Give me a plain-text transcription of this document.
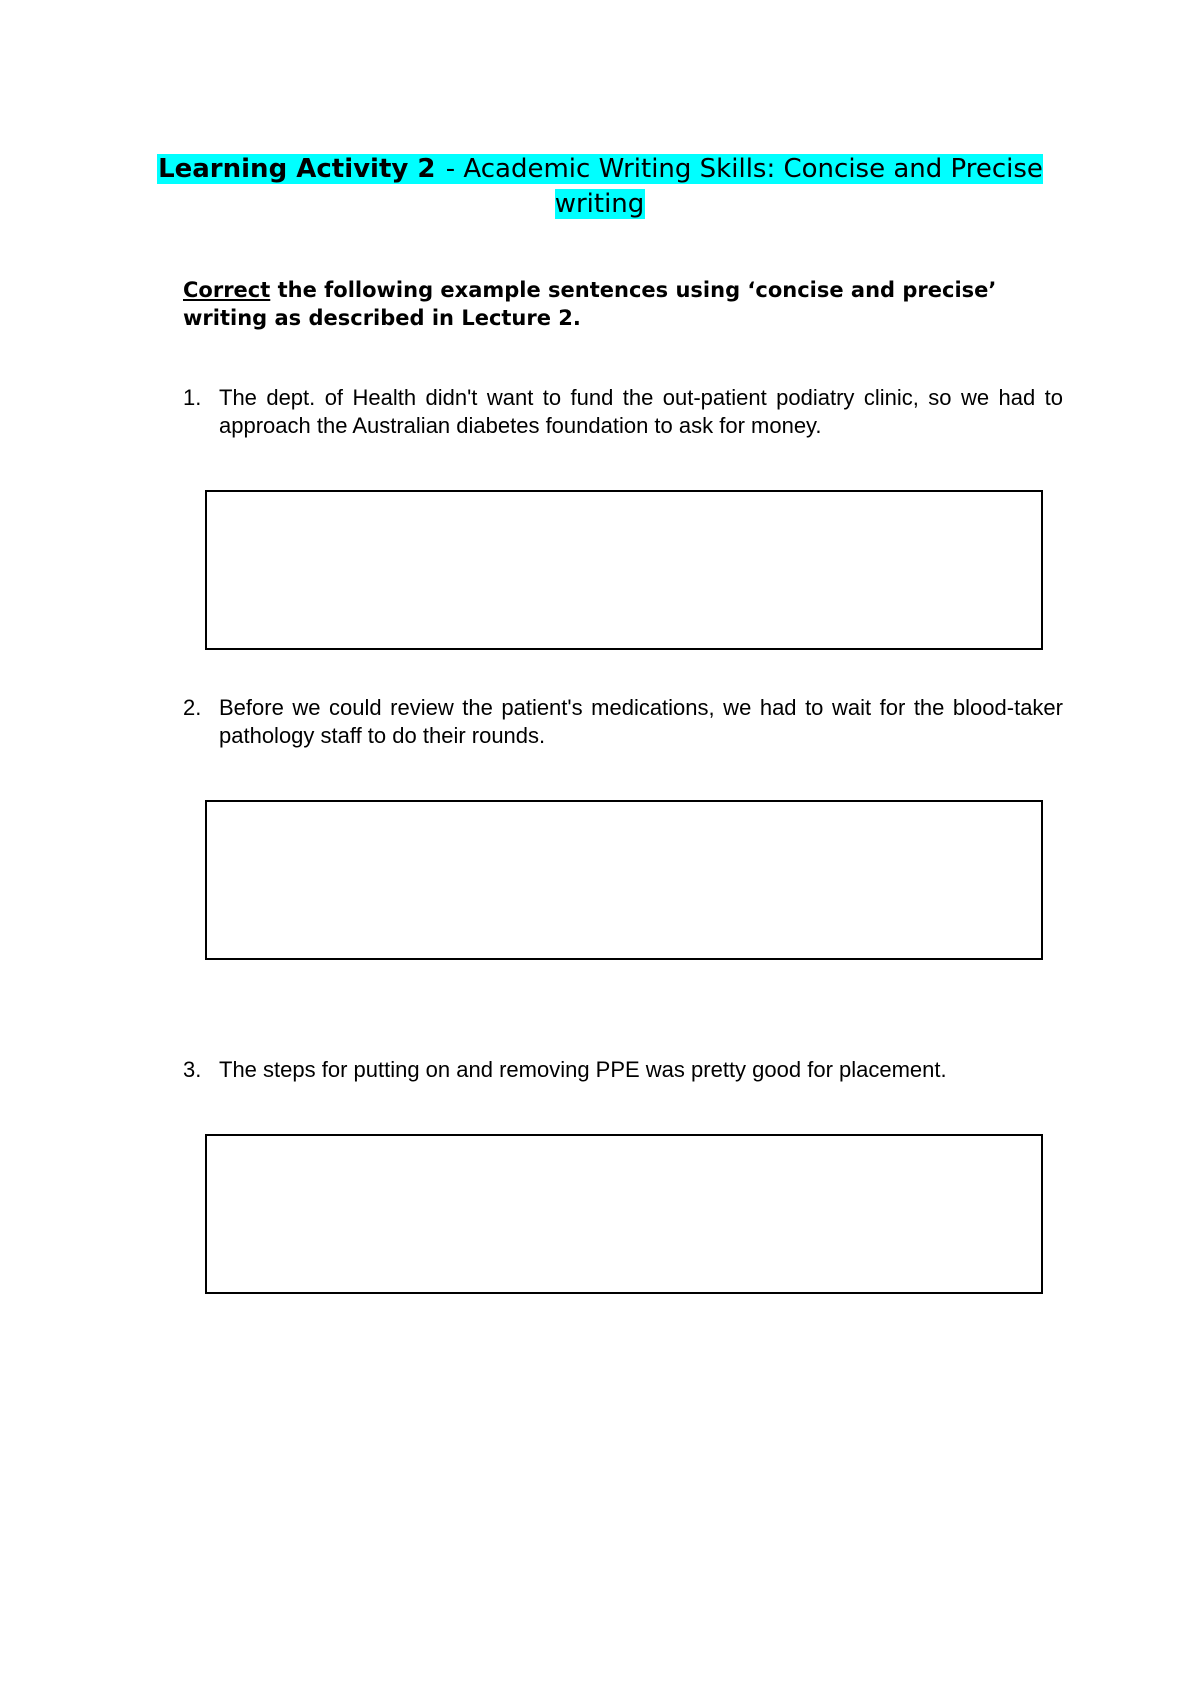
Learning Activity 2 - Academic Writing Skills: Concise and Precise writing
Correct the following example sentences using ‘concise and precise’ writing as described in Lecture 2.
1. The dept. of Health didn't want to fund the out-patient podiatry clinic, so we had to approach the Australian diabetes foundation to ask for money.
2. Before we could review the patient's medications, we had to wait for the blood-taker pathology staff to do their rounds.
3. The steps for putting on and removing PPE was pretty good for placement.
